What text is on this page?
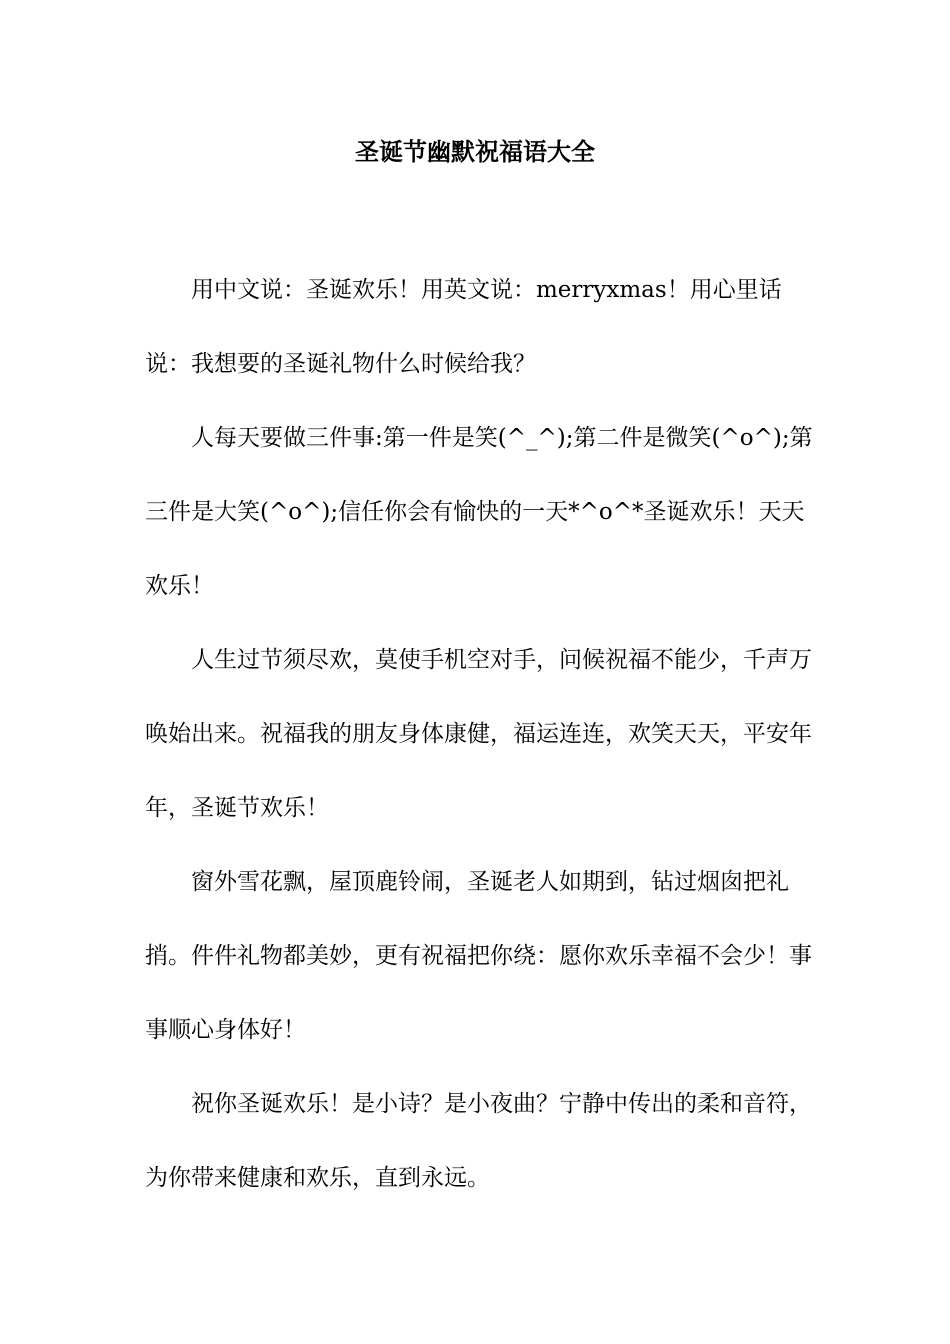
圣诞节幽默祝福语大全

用中文说：圣诞欢乐！用英文说：merryxmas！用心里话说：我想要的圣诞礼物什么时候给我？

人每天要做三件事:第一件是笑(^_^);第二件是微笑(^o^);第三件是大笑(^o^);信任你会有愉快的一天*^o^*圣诞欢乐！天天欢乐！

人生过节须尽欢，莫使手机空对手，问候祝福不能少，千声万唤始出来。祝福我的朋友身体康健，福运连连，欢笑天天，平安年年，圣诞节欢乐！

窗外雪花飘，屋顶鹿铃闹，圣诞老人如期到，钻过烟囱把礼捎。件件礼物都美妙，更有祝福把你绕：愿你欢乐幸福不会少！事事顺心身体好！

祝你圣诞欢乐！是小诗？是小夜曲？宁静中传出的柔和音符，为你带来健康和欢乐，直到永远。
